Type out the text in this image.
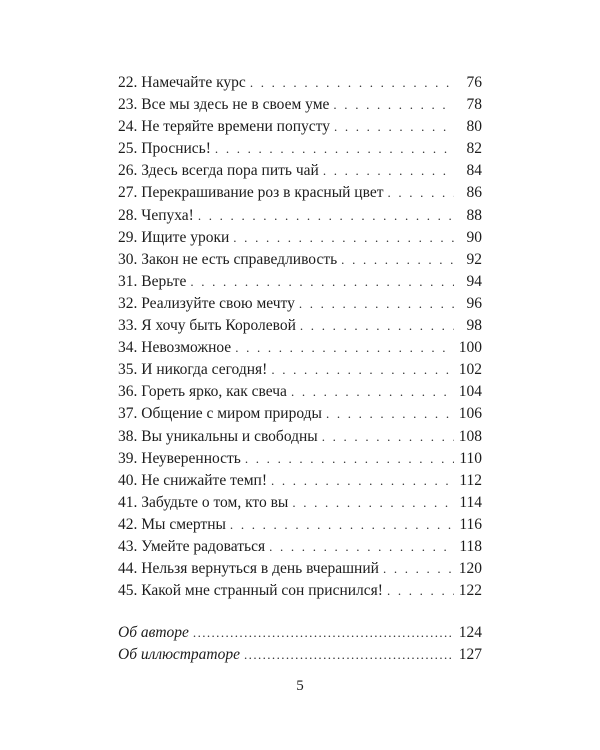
22. Намечайте курс . . .	76
23. Все мы здесь не в своем уме . . .	78
24. Не теряйте времени попусту . . .	80
25. Проснись! . . .	82
26. Здесь всегда пора пить чай . . .	84
27. Перекрашивание роз в красный цвет . . .	86
28. Чепуха! . . .	88
29. Ищите уроки . . .	90
30. Закон не есть справедливость . . .	92
31. Верьте . . .	94
32. Реализуйте свою мечту . . .	96
33. Я хочу быть Королевой . . .	98
34. Невозможное . . .	100
35. И никогда сегодня! . . .	102
36. Гореть ярко, как свеча . . .	104
37. Общение с миром природы . . .	106
38. Вы уникальны и свободны . . .	108
39. Неуверенность . . .	110
40. Не снижайте темп! . . .	112
41. Забудьте о том, кто вы . . .	114
42. Мы смертны . . .	116
43. Умейте радоваться . . .	118
44. Нельзя вернуться в день вчерашний . . .	120
45. Какой мне странный сон приснился! . . .	122
Об авторе .....	124
Об иллюстраторе .....	127
5
